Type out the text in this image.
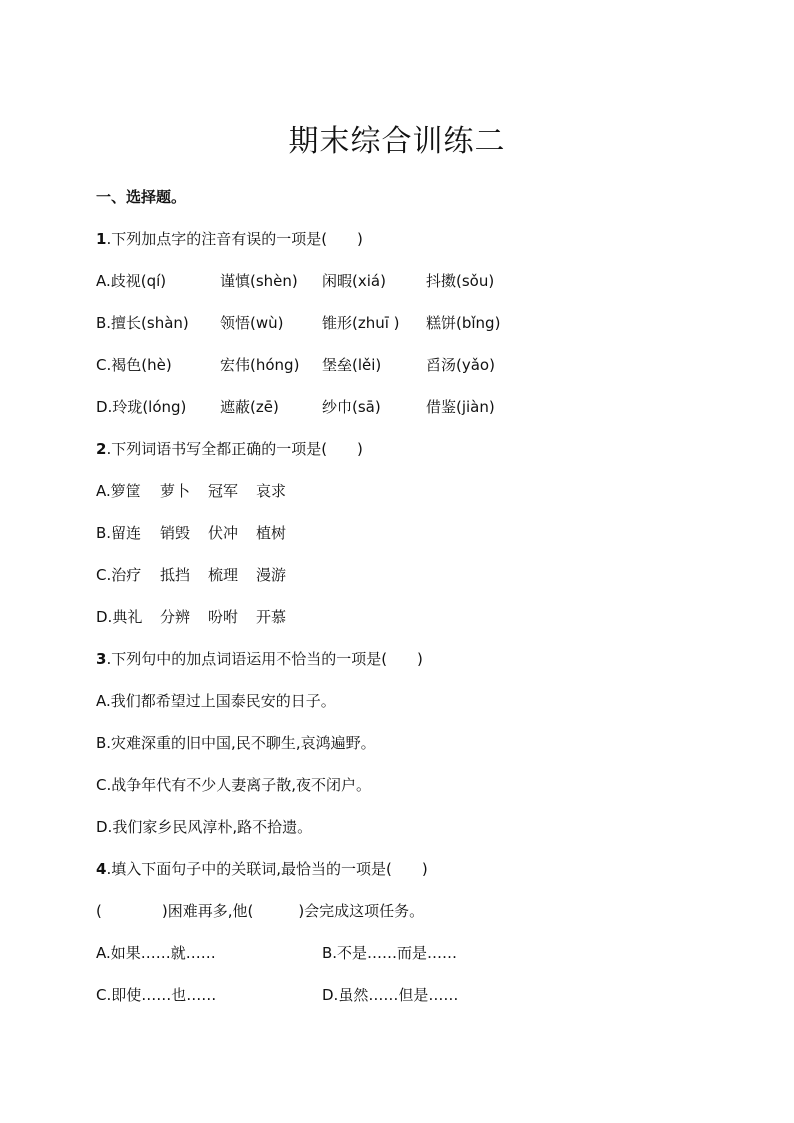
期末综合训练二
一、选择题。
1.下列加点字的注音有误的一项是(　　)
A.歧视(qí)	谨慎(shèn) 闲暇(xiá)	抖擞(sǒu)
B.擅长(shàn) 领悟(wù)	锥形(zhuī ) 糕饼(bǐng)
C.褐色(hè)	宏伟(hóng) 堡垒(lěi)	舀汤(yǎo)
D.玲珑(lóng) 遮蔽(zē)	纱巾(sā)	借鉴(jiàn)
2.下列词语书写全都正确的一项是(　　)
A.箩筐 萝卜 冠军 哀求
B.留连 销毁 伏冲 植树
C.治疗 抵挡 梳理 漫游
D.典礼 分辨 吩咐 开慕
3.下列句中的加点词语运用不恰当的一项是(　　)
A.我们都希望过上国泰民安的日子。
B.灾难深重的旧中国,民不聊生,哀鸿遍野。
C.战争年代有不少人妻离子散,夜不闭户。
D.我们家乡民风淳朴,路不拾遗。
4.填入下面句子中的关联词,最恰当的一项是(　　)
(　　　　)困难再多,他(　　　)会完成这项任务。
A.如果……就……	B.不是……而是……
C.即使……也……	D.虽然……但是……
